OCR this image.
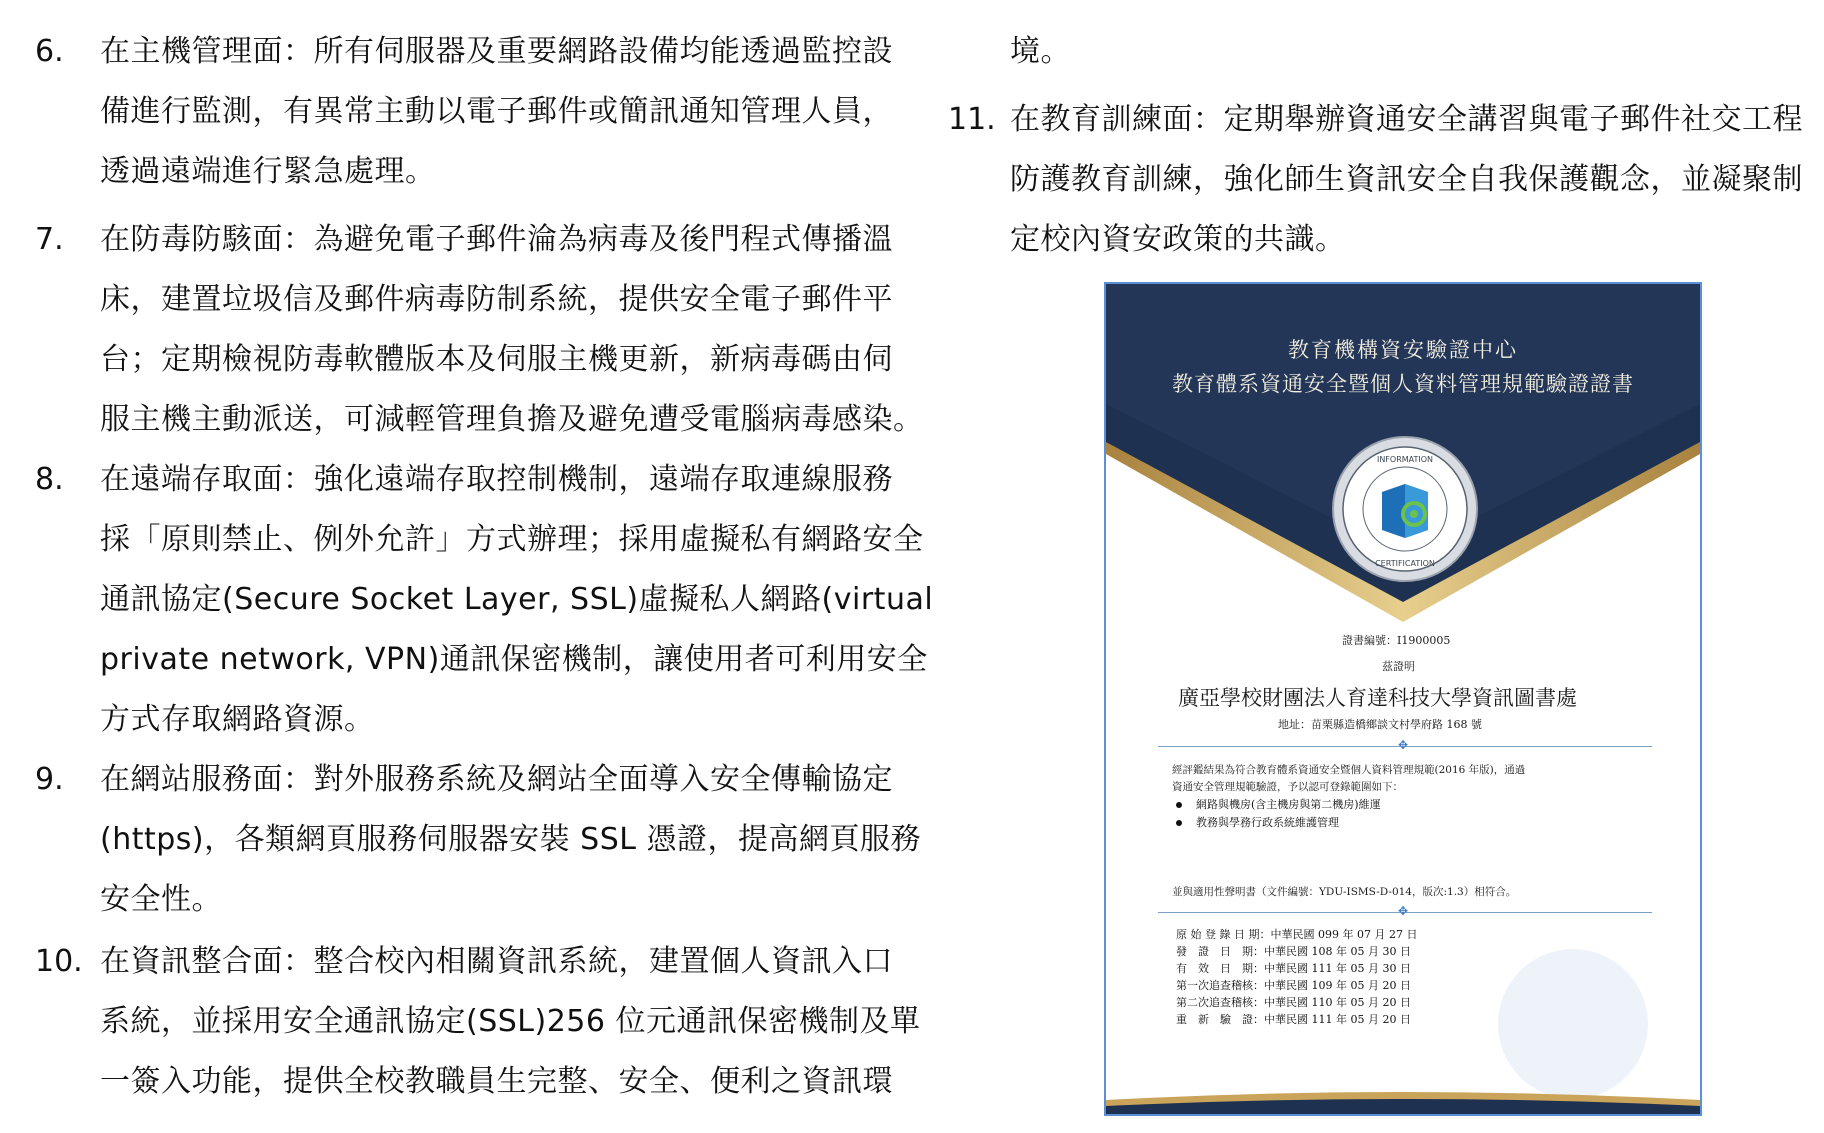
6. 在主機管理面：所有伺服器及重要網路設備均能透過監控設
備進行監測，有異常主動以電子郵件或簡訊通知管理人員，
透過遠端進行緊急處理。
7. 在防毒防駭面：為避免電子郵件淪為病毒及後門程式傳播溫
床，建置垃圾信及郵件病毒防制系統，提供安全電子郵件平
台；定期檢視防毒軟體版本及伺服主機更新，新病毒碼由伺
服主機主動派送，可減輕管理負擔及避免遭受電腦病毒感染。
8. 在遠端存取面：強化遠端存取控制機制，遠端存取連線服務
採「原則禁止、例外允許」方式辦理；採用虛擬私有網路安全
通訊協定(Secure Socket Layer, SSL)虛擬私人網路(virtual
private network, VPN)通訊保密機制，讓使用者可利用安全
方式存取網路資源。
9. 在網站服務面：對外服務系統及網站全面導入安全傳輸協定
(https)，各類網頁服務伺服器安裝 SSL 憑證，提高網頁服務
安全性。
10. 在資訊整合面：整合校內相關資訊系統，建置個人資訊入口
系統，並採用安全通訊協定(SSL)256 位元通訊保密機制及單
一簽入功能，提供全校教職員生完整、安全、便利之資訊環
境。
11. 在教育訓練面：定期舉辦資通安全講習與電子郵件社交工程
防護教育訓練，強化師生資訊安全自我保護觀念，並凝聚制
定校內資安政策的共識。
教育機構資安驗證中心
教育體系資通安全暨個人資料管理規範驗證證書
INFORMATION
CERTIFICATION
證書編號：I1900005
茲證明
廣亞學校財團法人育達科技大學資訊圖書處
地址：苗栗縣造橋鄉談文村學府路 168 號
✥
經評鑑結果為符合教育體系資通安全暨個人資料管理規範(2016 年版)，通過
資通安全管理規範驗證，予以認可登錄範圍如下：
網路與機房(含主機房與第二機房)維運
教務與學務行政系統維護管理
並與適用性聲明書（文件編號：YDU-ISMS-D-014，版次:1.3）相符合。
✥
原 始 登 錄 日 期：中華民國 099 年 07 月 27 日
發　證　日　期：中華民國 108 年 05 月 30 日
有　效　日　期：中華民國 111 年 05 月 30 日
第一次追查稽核：中華民國 109 年 05 月 20 日
第二次追查稽核：中華民國 110 年 05 月 20 日
重　新　驗　證：中華民國 111 年 05 月 20 日
